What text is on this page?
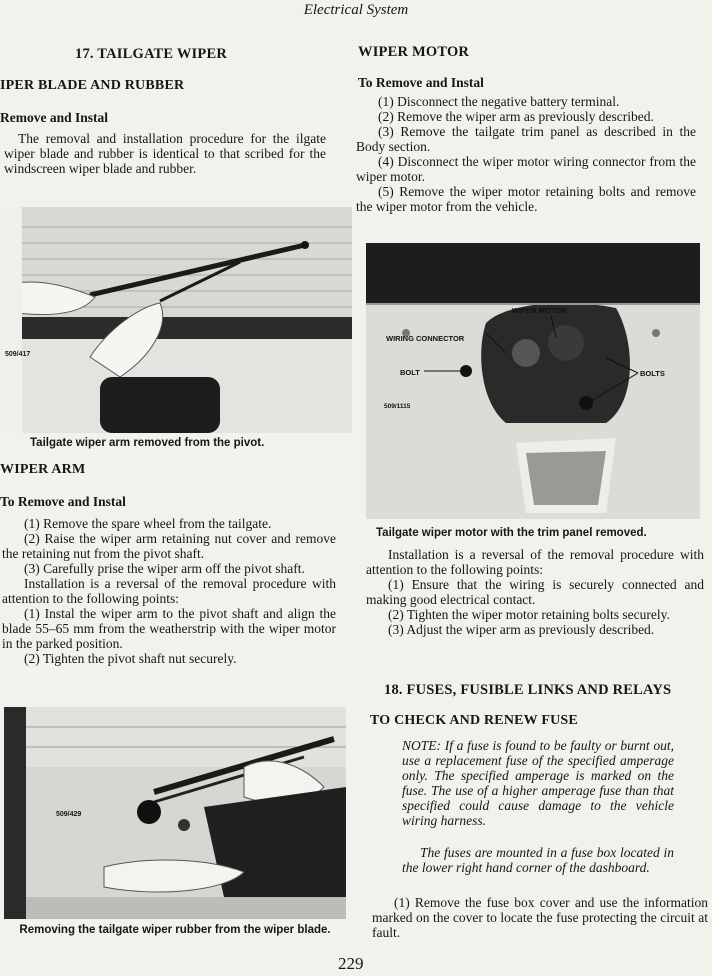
Electrical System
17. TAILGATE WIPER
IPER BLADE AND RUBBER
Remove and Instal
The removal and installation procedure for the ilgate wiper blade and rubber is identical to that scribed for the windscreen wiper blade and rubber.
509/417
Tailgate wiper arm removed from the pivot.
WIPER ARM
To Remove and Instal

(1) Remove the spare wheel from the tailgate.

(2) Raise the wiper arm retaining nut cover and remove the retaining nut from the pivot shaft.

(3) Carefully prise the wiper arm off the pivot shaft.

Installation is a reversal of the removal procedure with attention to the following points:

(1) Instal the wiper arm to the pivot shaft and align the blade 55–65 mm from the weatherstrip with the wiper motor in the parked position.

(2) Tighten the pivot shaft nut securely.

509/429
Removing the tailgate wiper rubber from the wiper blade.
WIPER MOTOR
To Remove and Instal

(1) Disconnect the negative battery terminal.

(2) Remove the wiper arm as previously described.

(3) Remove the tailgate trim panel as described in the Body section.

(4) Disconnect the wiper motor wiring connector from the wiper motor.

(5) Remove the wiper motor retaining bolts and remove the wiper motor from the vehicle.

WIPER MOTOR
WIRING CONNECTOR
BOLT	BOLTS
509/1115
Tailgate wiper motor with the trim panel removed.

Installation is a reversal of the removal procedure with attention to the following points:

(1) Ensure that the wiring is securely connected and making good electrical contact.

(2) Tighten the wiper motor retaining bolts securely.

(3) Adjust the wiper arm as previously described.

18. FUSES, FUSIBLE LINKS AND RELAYS
TO CHECK AND RENEW FUSE
NOTE: If a fuse is found to be faulty or burnt out, use a replacement fuse of the specified amperage only. The specified amperage is marked on the fuse. The use of a higher amperage fuse than that specified could cause damage to the vehicle wiring harness.
The fuses are mounted in a fuse box located in the lower right hand corner of the dashboard.
(1) Remove the fuse box cover and use the information marked on the cover to locate the fuse protecting the circuit at fault.
229
